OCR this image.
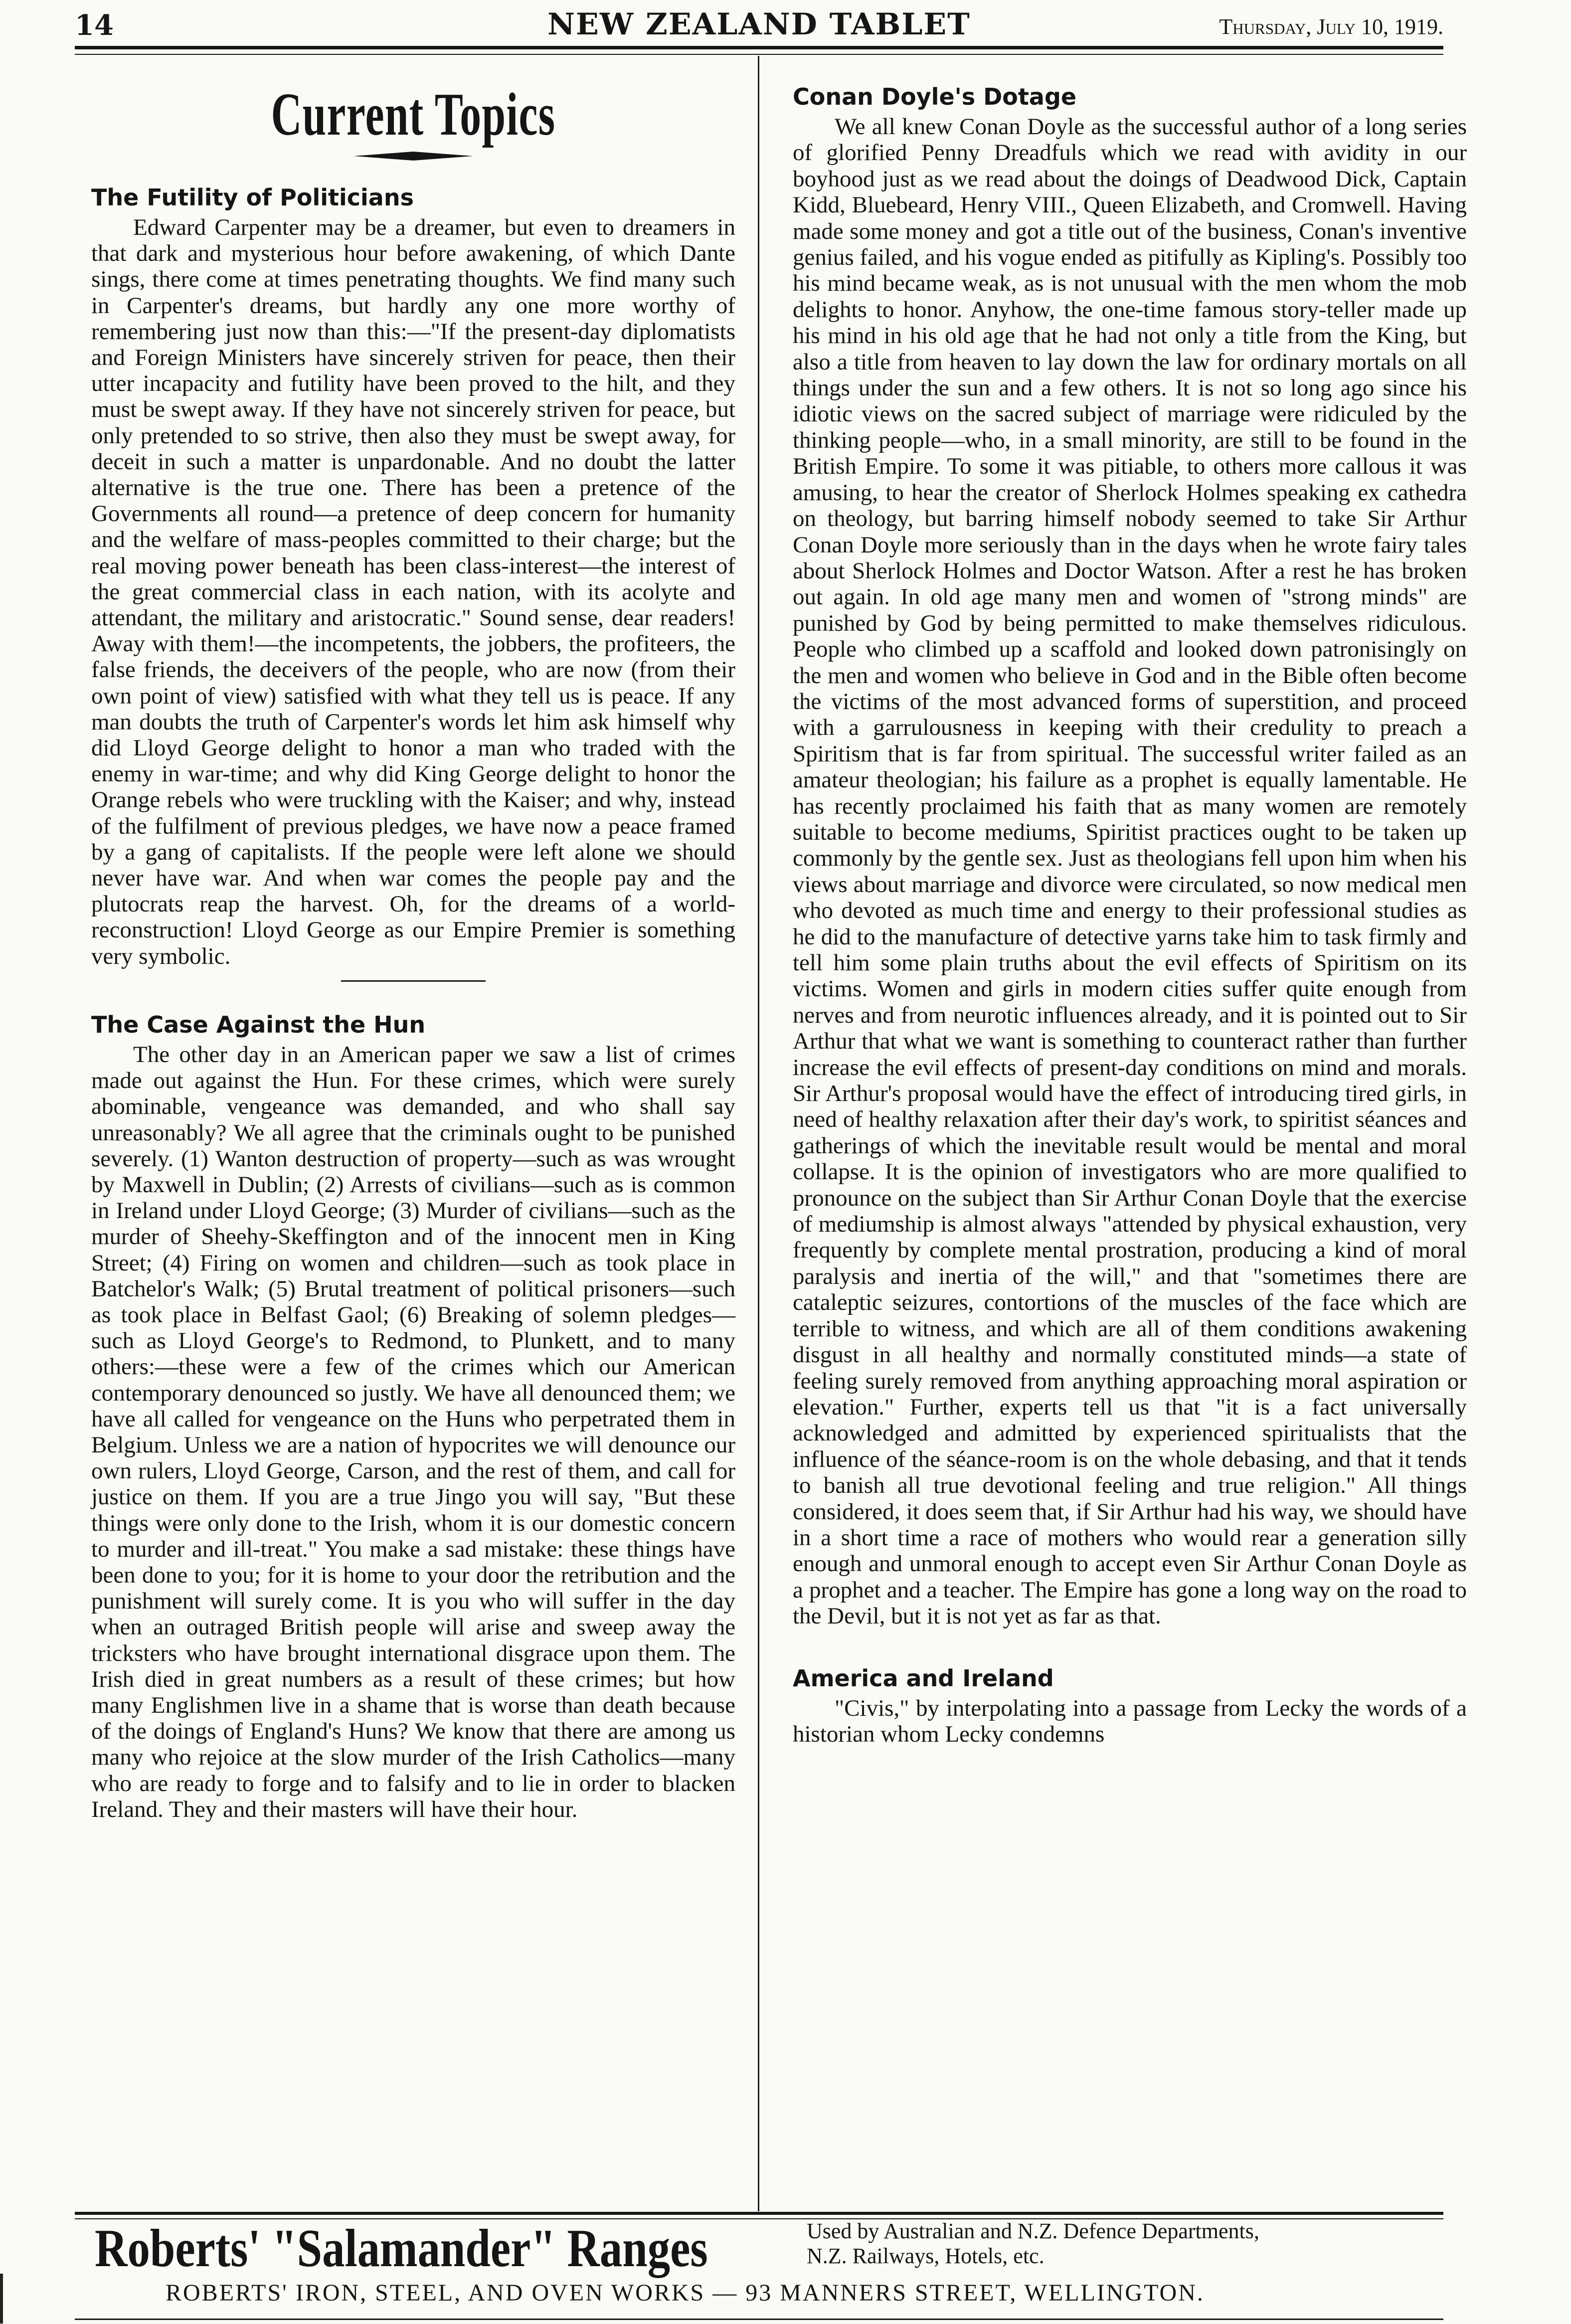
14	NEW ZEALAND TABLET	Thursday, July 10, 1919.
Current Topics
The Futility of Politicians

Edward Carpenter may be a dreamer, but even to dreamers in that dark and mysterious hour before awakening, of which Dante sings, there come at times penetrating thoughts. We find many such in Carpenter's dreams, but hardly any one more worthy of remembering just now than this:—"If the present-day diplomatists and Foreign Ministers have sincerely striven for peace, then their utter incapacity and futility have been proved to the hilt, and they must be swept away. If they have not sincerely striven for peace, but only pretended to so strive, then also they must be swept away, for deceit in such a matter is unpardonable. And no doubt the latter alternative is the true one. There has been a pretence of the Governments all round—a pretence of deep concern for humanity and the welfare of mass-peoples committed to their charge; but the real moving power beneath has been class-interest—the interest of the great commercial class in each nation, with its acolyte and attendant, the military and aristocratic." Sound sense, dear readers! Away with them!—the incompetents, the jobbers, the profiteers, the false friends, the deceivers of the people, who are now (from their own point of view) satisfied with what they tell us is peace. If any man doubts the truth of Carpenter's words let him ask himself why did Lloyd George delight to honor a man who traded with the enemy in war-time; and why did King George delight to honor the Orange rebels who were truckling with the Kaiser; and why, instead of the fulfilment of previous pledges, we have now a peace framed by a gang of capitalists. If the people were left alone we should never have war. And when war comes the people pay and the plutocrats reap the harvest. Oh, for the dreams of a world-reconstruction! Lloyd George as our Empire Premier is something very symbolic.

The Case Against the Hun

The other day in an American paper we saw a list of crimes made out against the Hun. For these crimes, which were surely abominable, vengeance was demanded, and who shall say unreasonably? We all agree that the criminals ought to be punished severely. (1) Wanton destruction of property—such as was wrought by Maxwell in Dublin; (2) Arrests of civilians—such as is common in Ireland under Lloyd George; (3) Murder of civilians—such as the murder of Sheehy-Skeffington and of the innocent men in King Street; (4) Firing on women and children—such as took place in Batchelor's Walk; (5) Brutal treatment of political prisoners—such as took place in Belfast Gaol; (6) Breaking of solemn pledges—such as Lloyd George's to Redmond, to Plunkett, and to many others:—these were a few of the crimes which our American contemporary denounced so justly. We have all denounced them; we have all called for vengeance on the Huns who perpetrated them in Belgium. Unless we are a nation of hypocrites we will denounce our own rulers, Lloyd George, Carson, and the rest of them, and call for justice on them. If you are a true Jingo you will say, "But these things were only done to the Irish, whom it is our domestic concern to murder and ill-treat." You make a sad mistake: these things have been done to you; for it is home to your door the retribution and the punishment will surely come. It is you who will suffer in the day when an outraged British people will arise and sweep away the tricksters who have brought international disgrace upon them. The Irish died in great numbers as a result of these crimes; but how many Englishmen live in a shame that is worse than death because of the doings of England's Huns? We know that there are among us many who rejoice at the slow murder of the Irish Catholics—many who are ready to forge and to falsify and to lie in order to blacken Ireland. They and their masters will have their hour.

Conan Doyle's Dotage

We all knew Conan Doyle as the successful author of a long series of glorified Penny Dreadfuls which we read with avidity in our boyhood just as we read about the doings of Deadwood Dick, Captain Kidd, Bluebeard, Henry VIII., Queen Elizabeth, and Cromwell. Having made some money and got a title out of the business, Conan's inventive genius failed, and his vogue ended as pitifully as Kipling's. Possibly too his mind became weak, as is not unusual with the men whom the mob delights to honor. Anyhow, the one-time famous story-teller made up his mind in his old age that he had not only a title from the King, but also a title from heaven to lay down the law for ordinary mortals on all things under the sun and a few others. It is not so long ago since his idiotic views on the sacred subject of marriage were ridiculed by the thinking people—who, in a small minority, are still to be found in the British Empire. To some it was pitiable, to others more callous it was amusing, to hear the creator of Sherlock Holmes speaking ex cathedra on theology, but barring himself nobody seemed to take Sir Arthur Conan Doyle more seriously than in the days when he wrote fairy tales about Sherlock Holmes and Doctor Watson. After a rest he has broken out again. In old age many men and women of "strong minds" are punished by God by being permitted to make themselves ridiculous. People who climbed up a scaffold and looked down patronisingly on the men and women who believe in God and in the Bible often become the victims of the most advanced forms of superstition, and proceed with a garrulousness in keeping with their credulity to preach a Spiritism that is far from spiritual. The successful writer failed as an amateur theologian; his failure as a prophet is equally lamentable. He has recently proclaimed his faith that as many women are remotely suitable to become mediums, Spiritist practices ought to be taken up commonly by the gentle sex. Just as theologians fell upon him when his views about marriage and divorce were circulated, so now medical men who devoted as much time and energy to their professional studies as he did to the manufacture of detective yarns take him to task firmly and tell him some plain truths about the evil effects of Spiritism on its victims. Women and girls in modern cities suffer quite enough from nerves and from neurotic influences already, and it is pointed out to Sir Arthur that what we want is something to counteract rather than further increase the evil effects of present-day conditions on mind and morals. Sir Arthur's proposal would have the effect of introducing tired girls, in need of healthy relaxation after their day's work, to spiritist séances and gatherings of which the inevitable result would be mental and moral collapse. It is the opinion of investigators who are more qualified to pronounce on the subject than Sir Arthur Conan Doyle that the exercise of mediumship is almost always "attended by physical exhaustion, very frequently by complete mental prostration, producing a kind of moral paralysis and inertia of the will," and that "sometimes there are cataleptic seizures, contortions of the muscles of the face which are terrible to witness, and which are all of them conditions awakening disgust in all healthy and normally constituted minds—a state of feeling surely removed from anything approaching moral aspiration or elevation." Further, experts tell us that "it is a fact universally acknowledged and admitted by experienced spiritualists that the influence of the séance-room is on the whole debasing, and that it tends to banish all true devotional feeling and true religion." All things considered, it does seem that, if Sir Arthur had his way, we should have in a short time a race of mothers who would rear a generation silly enough and unmoral enough to accept even Sir Arthur Conan Doyle as a prophet and a teacher. The Empire has gone a long way on the road to the Devil, but it is not yet as far as that.

America and Ireland

"Civis," by interpolating into a passage from Lecky the words of a historian whom Lecky condemns

Roberts' "Salamander" Ranges	Used by Australian and N.Z. Defence Departments,
N.Z. Railways, Hotels, etc.
ROBERTS' IRON, STEEL, AND OVEN WORKS — 93 MANNERS STREET, WELLINGTON.
